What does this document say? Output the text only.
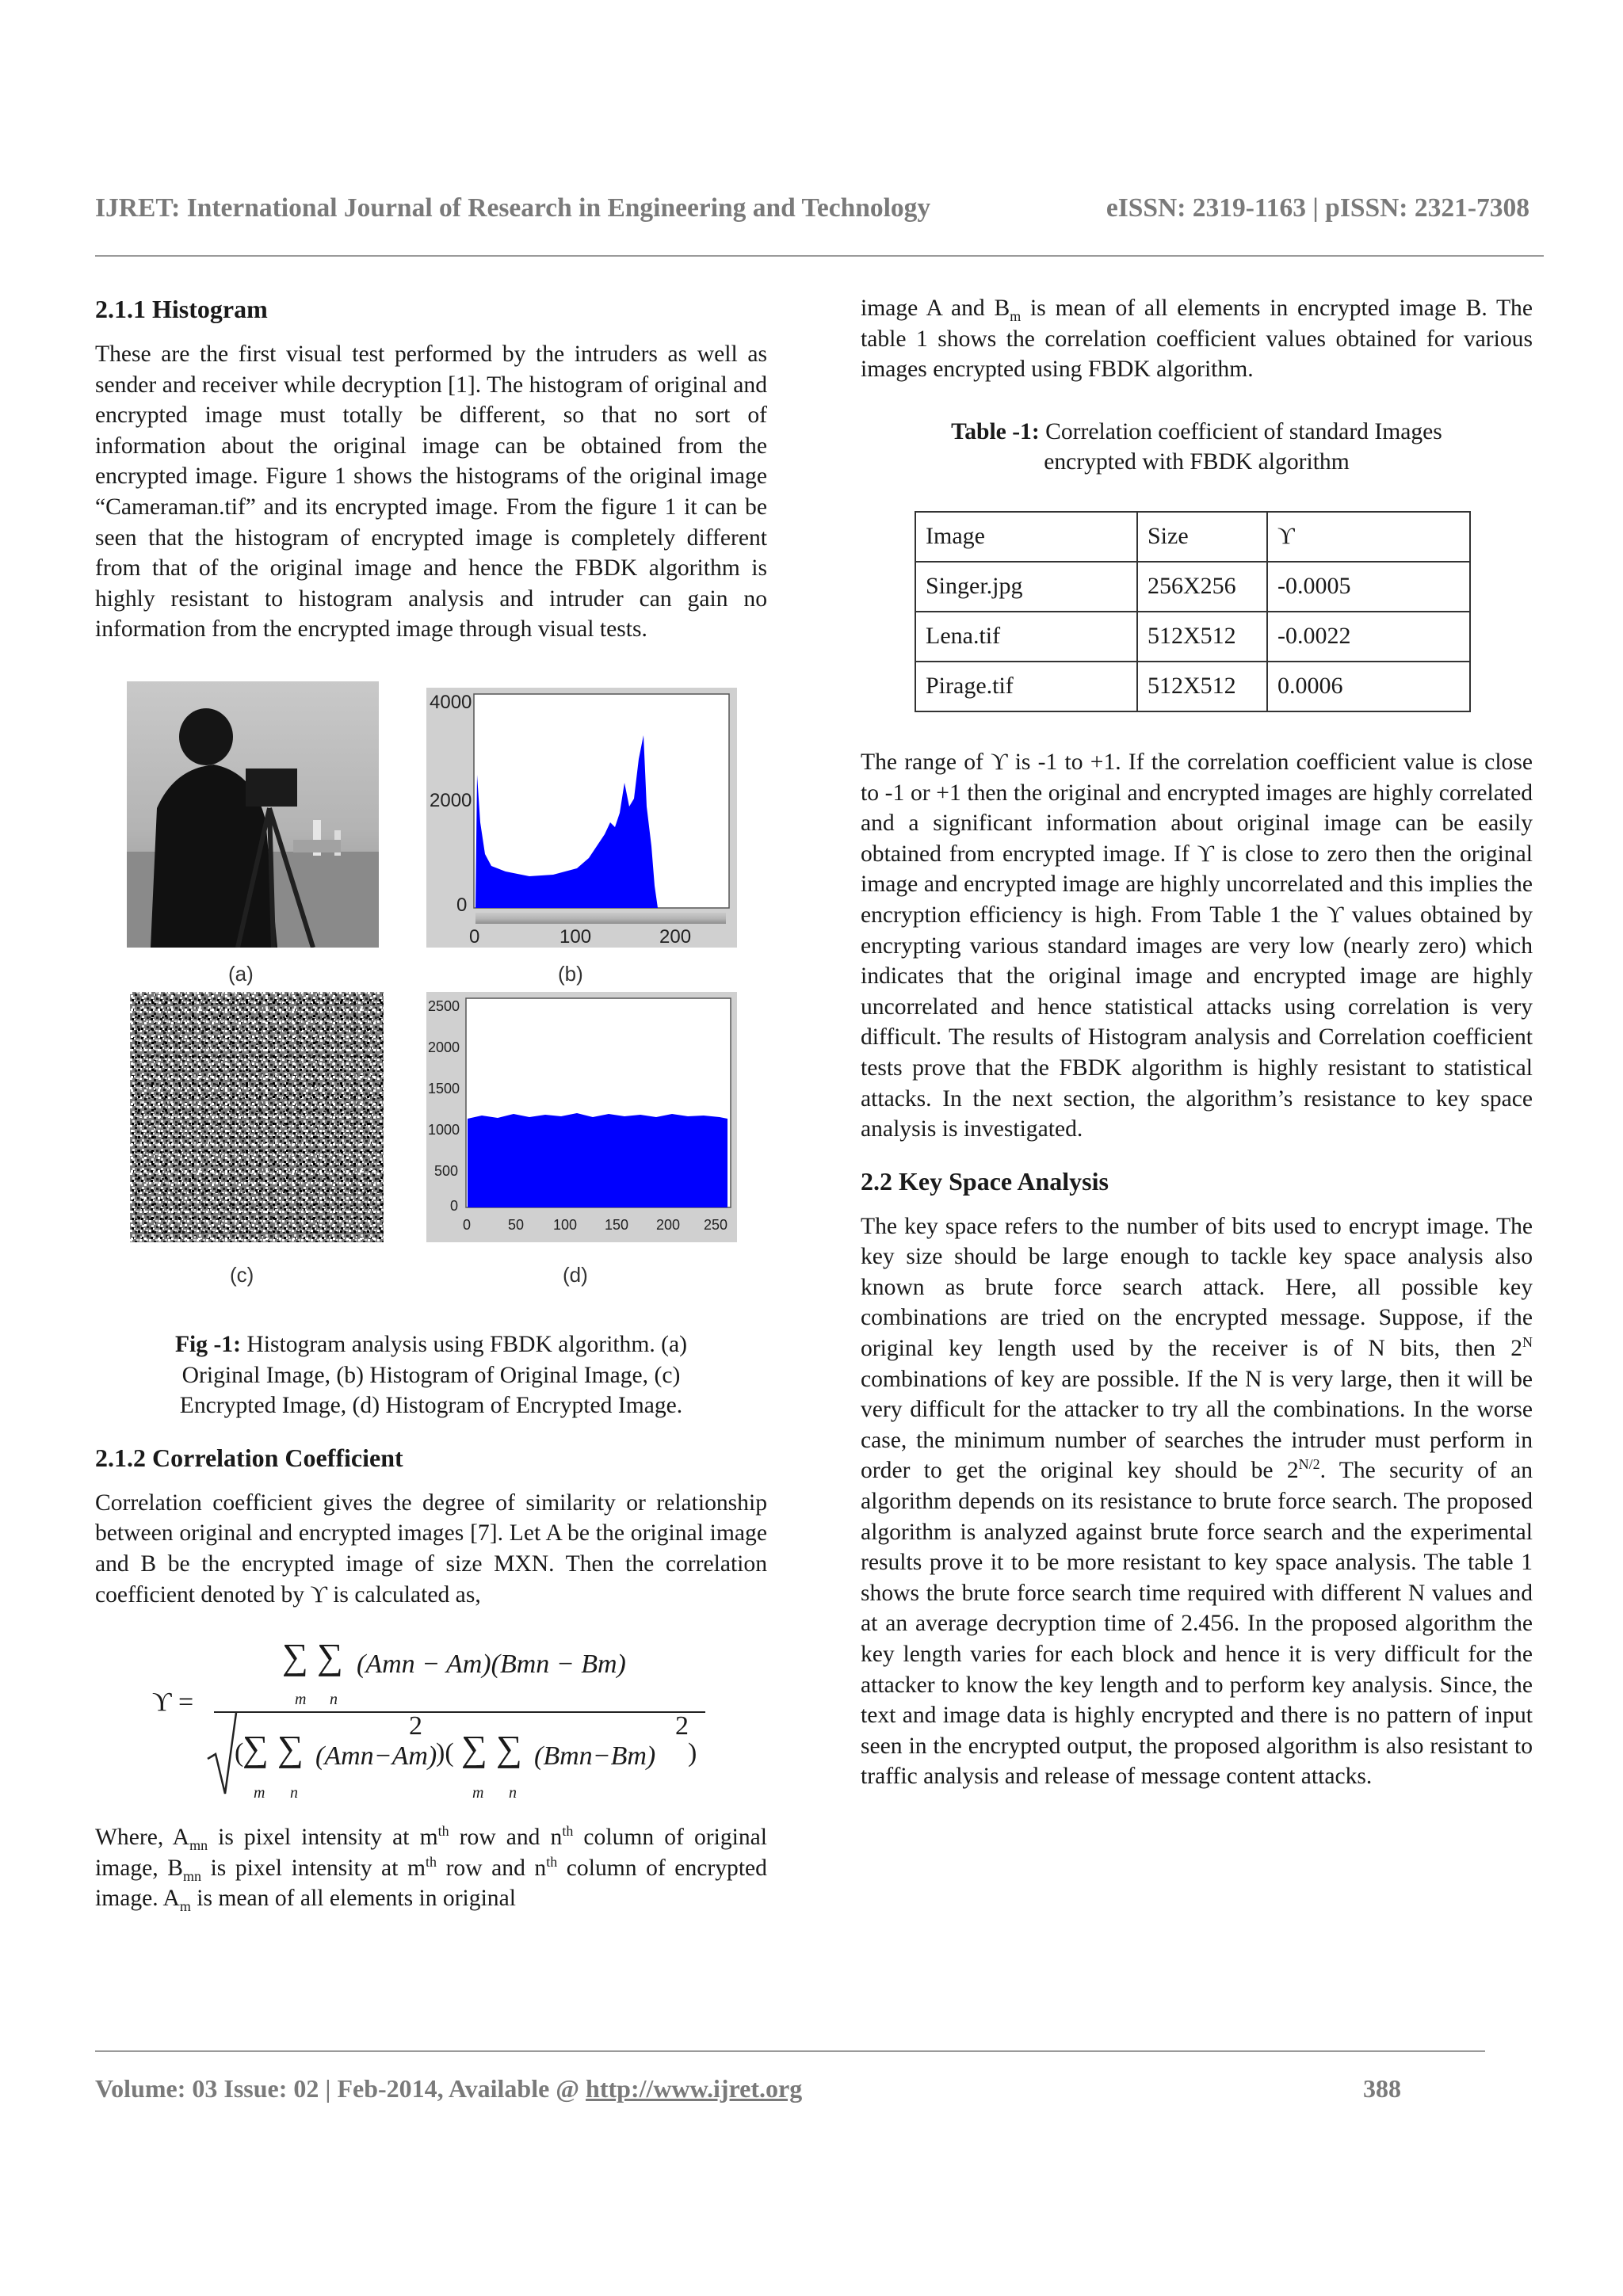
IJRET: International Journal of Research in Engineering and Technology	eISSN: 2319-1163 | pISSN: 2321-7308
2.1.1 Histogram

These are the first visual test performed by the intruders as well as sender and receiver while decryption [1]. The histogram of original and encrypted image must totally be different, so that no sort of information about the original image can be obtained from the encrypted image. Figure 1 shows the histograms of the original image “Cameraman.tif” and its encrypted image. From the figure 1 it can be seen that the histogram of encrypted image is completely different from that of the original image and hence the FBDK algorithm is highly resistant to histogram analysis and intruder can gain no information from the encrypted image through visual tests.

(a)
4000
2000
0
0	100	200
(b)
(c)
2500
2000
1500
1000
500
0
0	50 100 150 200 250
(d)

Fig -1: Histogram analysis using FBDK algorithm. (a) Original Image, (b) Histogram of Original Image, (c) Encrypted Image, (d) Histogram of Encrypted Image.

2.1.2 Correlation Coefficient

Correlation coefficient gives the degree of similarity or relationship between original and encrypted images [7]. Let A be the original image and B be the encrypted image of size MXN. Then the correlation coefficient denoted by ϒ is calculated as,

ϒ =
∑ ∑
m n
(Amn − Am)(Bmn − Bm)
(
∑ ∑
m n
(Amn−Am)
2
)( ∑ ∑
m n
(Bmn−Bm)
2
)

Where, $A_{mn}$ is pixel intensity at $m^{th}$ row and $n^{th}$ column of original image, $B_{mn}$ is pixel intensity at $m^{th}$ row and $n^{th}$ column of encrypted image. $A_m$ is mean of all elements in original

image A and $B_m$ is mean of all elements in encrypted image B. The table 1 shows the correlation coefficient values obtained for various images encrypted using FBDK algorithm.

Table -1: Correlation coefficient of standard Images
encrypted with FBDK algorithm

Image	Size	ϒ
Singer.jpg	256X256	-0.0005
Lena.tif	512X512	-0.0022
Pirage.tif	512X512	0.0006

The range of ϒ is -1 to +1. If the correlation coefficient value is close to -1 or +1 then the original and encrypted images are highly correlated and a significant information about original image can be easily obtained from encrypted image. If ϒ is close to zero then the original image and encrypted image are highly uncorrelated and this implies the encryption efficiency is high. From Table 1 the ϒ values obtained by encrypting various standard images are very low (nearly zero) which indicates that the original image and encrypted image are highly uncorrelated and hence statistical attacks using correlation is very difficult. The results of Histogram analysis and Correlation coefficient tests prove that the FBDK algorithm is highly resistant to statistical attacks. In the next section, the algorithm’s resistance to key space analysis is investigated.

2.2 Key Space Analysis

The key space refers to the number of bits used to encrypt image. The key size should be large enough to tackle key space analysis also known as brute force search attack. Here, all possible key combinations are tried on the encrypted message. Suppose, if the original key length used by the receiver is of N bits, then $2^N$ combinations of key are possible. If the N is very large, then it will be very difficult for the attacker to try all the combinations. In the worse case, the minimum number of searches the intruder must perform in order to get the original key should be $2^{N/2}$. The security of an algorithm depends on its resistance to brute force search. The proposed algorithm is analyzed against brute force search and the experimental results prove it to be more resistant to key space analysis. The table 1 shows the brute force search time required with different N values and at an average decryption time of 2.456. In the proposed algorithm the key length varies for each block and hence it is very difficult for the attacker to know the key length and to perform key analysis. Since, the text and image data is highly encrypted and there is no pattern of input seen in the encrypted output, the proposed algorithm is also resistant to traffic analysis and release of message content attacks.

Volume: 03 Issue: 02 | Feb-2014, Available @ http://www.ijret.org	388
